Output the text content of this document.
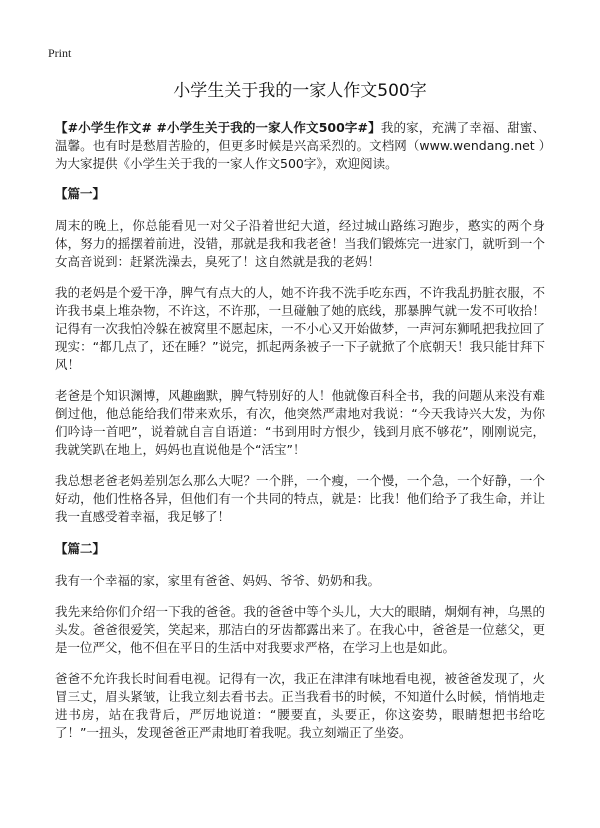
Print
小学生关于我的一家人作文500字

【#小学生作文# #小学生关于我的一家人作文500字#】我的家，充满了幸福、甜蜜、温馨。也有时是愁眉苦脸的，但更多时候是兴高采烈的。文档网（www.wendang.net ）为大家提供《小学生关于我的一家人作文500字》，欢迎阅读。

【篇一】

周末的晚上，你总能看见一对父子沿着世纪大道，经过城山路练习跑步，憨实的两个身体，努力的摇摆着前进，没错，那就是我和我老爸！当我们锻炼完一进家门，就听到一个女高音说到：赶紧洗澡去，臭死了！这自然就是我的老妈！

我的老妈是个爱干净，脾气有点大的人，她不许我不洗手吃东西，不许我乱扔脏衣服，不许我书桌上堆杂物，不许这，不许那，一旦碰触了她的底线，那暴脾气就一发不可收拾！记得有一次我怕冷躲在被窝里不愿起床，一不小心又开始做梦，一声河东狮吼把我拉回了现实：“都几点了，还在睡？”说完，抓起两条被子一下子就掀了个底朝天！我只能甘拜下风！

老爸是个知识渊博，风趣幽默，脾气特别好的人！他就像百科全书，我的问题从来没有难倒过他，他总能给我们带来欢乐，有次，他突然严肃地对我说：“今天我诗兴大发，为你们吟诗一首吧”，说着就自言自语道：“书到用时方恨少，钱到月底不够花”，刚刚说完，我就笑趴在地上，妈妈也直说他是个“活宝”！

我总想老爸老妈差别怎么那么大呢？一个胖，一个瘦，一个慢，一个急，一个好静，一个好动，他们性格各异，但他们有一个共同的特点，就是：比我！他们给予了我生命，并让我一直感受着幸福，我足够了！

【篇二】

我有一个幸福的家，家里有爸爸、妈妈、爷爷、奶奶和我。

我先来给你们介绍一下我的爸爸。我的爸爸中等个头儿，大大的眼睛，炯炯有神，乌黑的头发。爸爸很爱笑，笑起来，那洁白的牙齿都露出来了。在我心中，爸爸是一位慈父，更是一位严父，他不但在平日的生活中对我要求严格，在学习上也是如此。

爸爸不允许我长时间看电视。记得有一次，我正在津津有味地看电视，被爸爸发现了，火冒三丈，眉头紧皱，让我立刻去看书去。正当我看书的时候，不知道什么时候，悄悄地走进书房，站在我背后，严厉地说道：“腰要直，头要正，你这姿势，眼睛想把书给吃了！”一扭头，发现爸爸正严肃地盯着我呢。我立刻端正了坐姿。
